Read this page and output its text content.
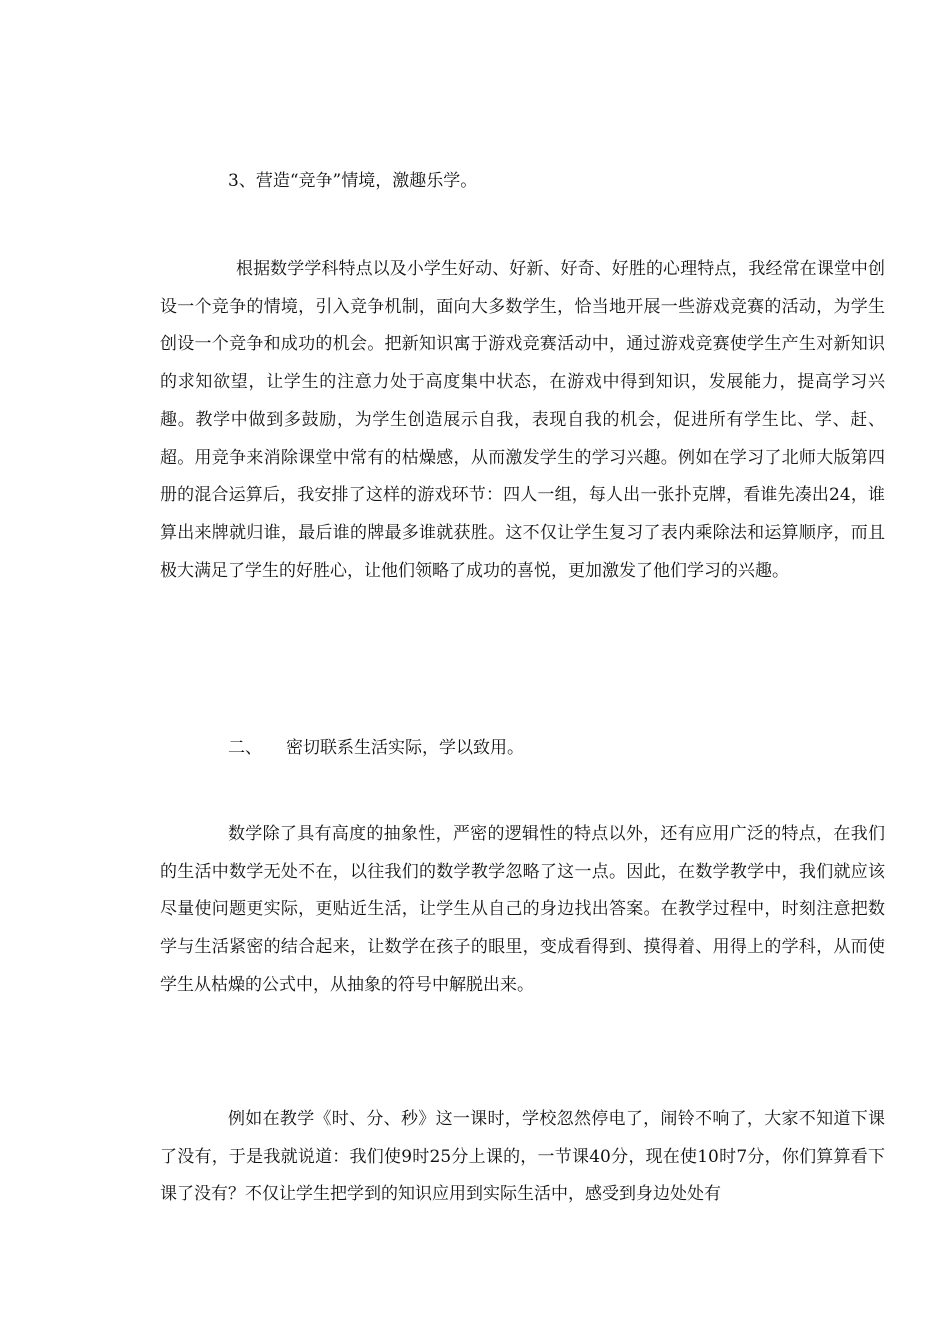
3、营造“竞争”情境，激趣乐学。

根据数学学科特点以及小学生好动、好新、好奇、好胜的心理特点，我经常在课堂中创设一个竞争的情境，引入竞争机制，面向大多数学生，恰当地开展一些游戏竞赛的活动，为学生创设一个竞争和成功的机会。把新知识寓于游戏竞赛活动中，通过游戏竞赛使学生产生对新知识的求知欲望，让学生的注意力处于高度集中状态，在游戏中得到知识，发展能力，提高学习兴趣。教学中做到多鼓励，为学生创造展示自我，表现自我的机会，促进所有学生比、学、赶、超。用竞争来消除课堂中常有的枯燥感，从而激发学生的学习兴趣。例如在学习了北师大版第四册的混合运算后，我安排了这样的游戏环节：四人一组，每人出一张扑克牌，看谁先凑出24，谁算出来牌就归谁，最后谁的牌最多谁就获胜。这不仅让学生复习了表内乘除法和运算顺序，而且极大满足了学生的好胜心，让他们领略了成功的喜悦，更加激发了他们学习的兴趣。

二、 密切联系生活实际，学以致用。

数学除了具有高度的抽象性，严密的逻辑性的特点以外，还有应用广泛的特点，在我们的生活中数学无处不在，以往我们的数学教学忽略了这一点。因此，在数学教学中，我们就应该尽量使问题更实际，更贴近生活，让学生从自己的身边找出答案。在教学过程中，时刻注意把数学与生活紧密的结合起来，让数学在孩子的眼里，变成看得到、摸得着、用得上的学科，从而使学生从枯燥的公式中，从抽象的符号中解脱出来。

例如在教学《时、分、秒》这一课时，学校忽然停电了，闹铃不响了，大家不知道下课了没有，于是我就说道：我们使9时25分上课的，一节课40分，现在使10时7分，你们算算看下课了没有？不仅让学生把学到的知识应用到实际生活中，感受到身边处处有
